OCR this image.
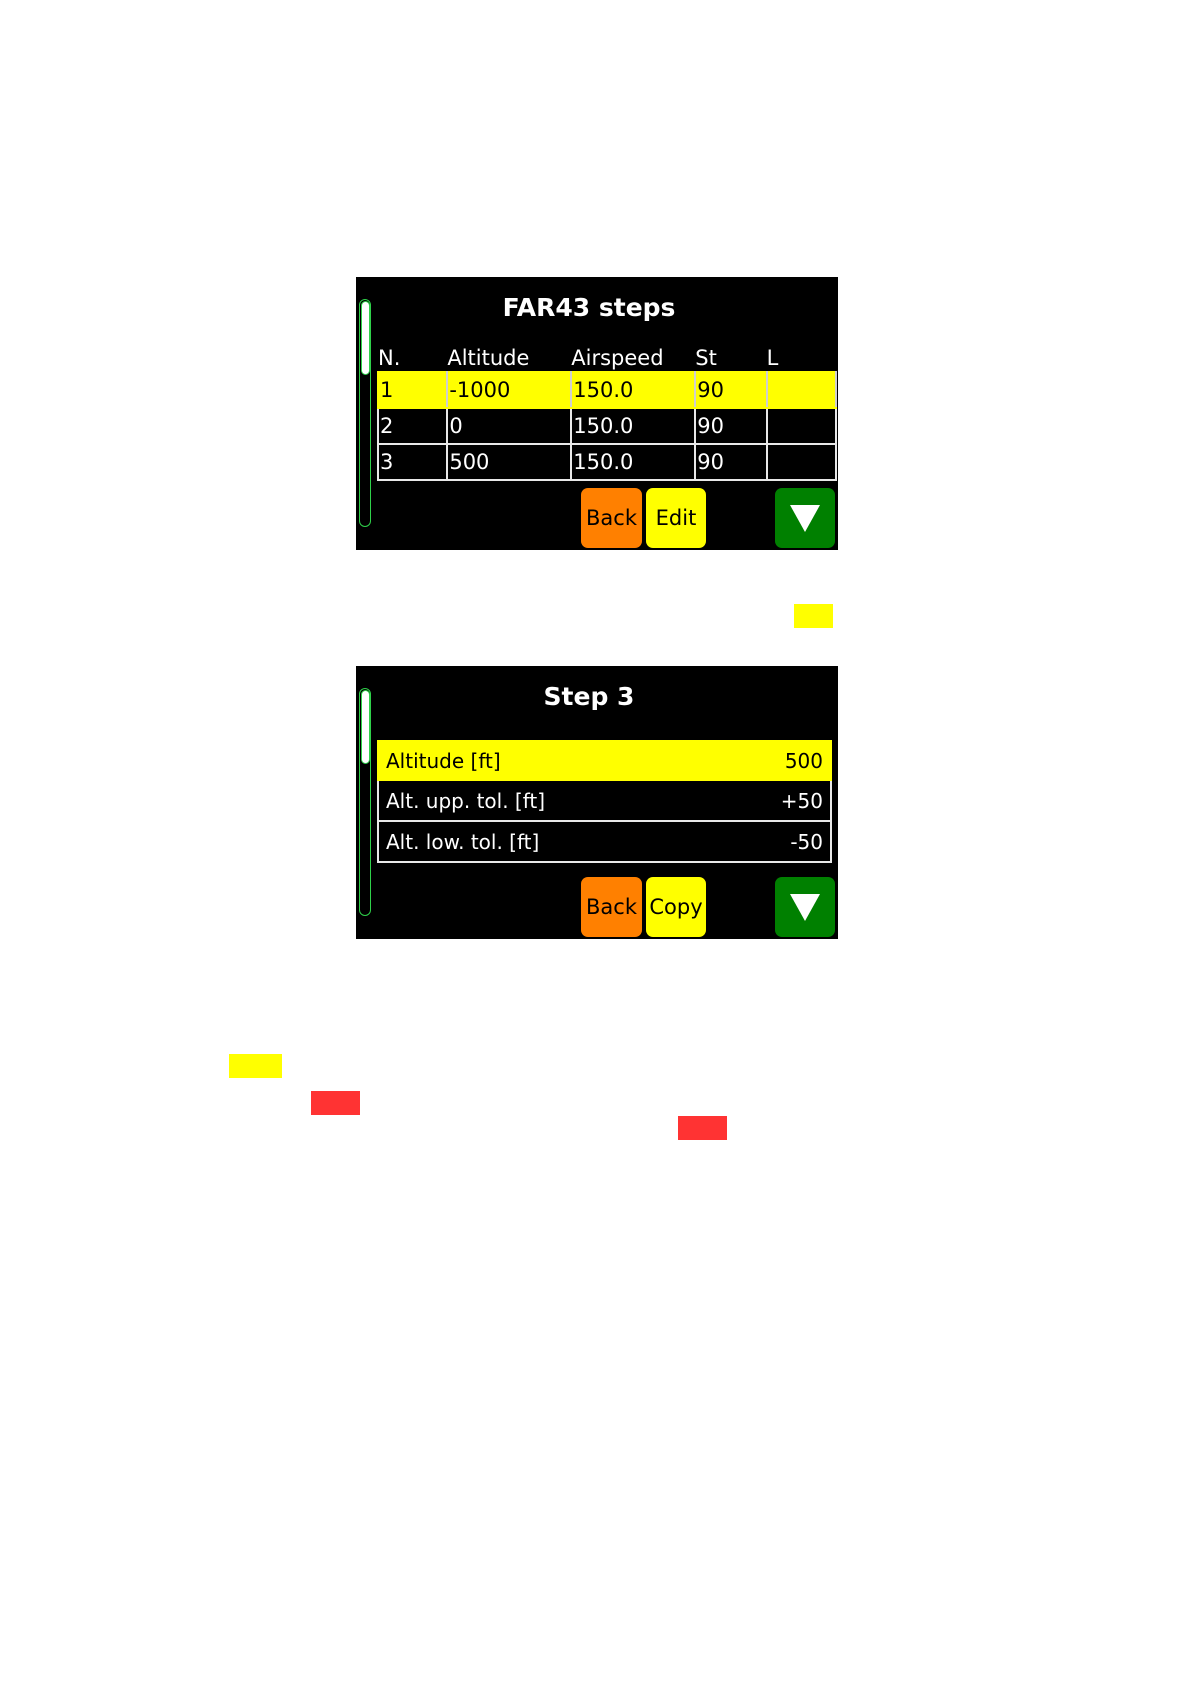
FAR43 steps
N.	Altitude	Airspeed	St	L
1	-1000	150.0	90	
2	0	150.0	90	
3	500	150.0	90	
Back Edit
Step 3
Altitude [ft]	500
Alt. upp. tol. [ft]	+50
Alt. low. tol. [ft]	-50
Back Copy
